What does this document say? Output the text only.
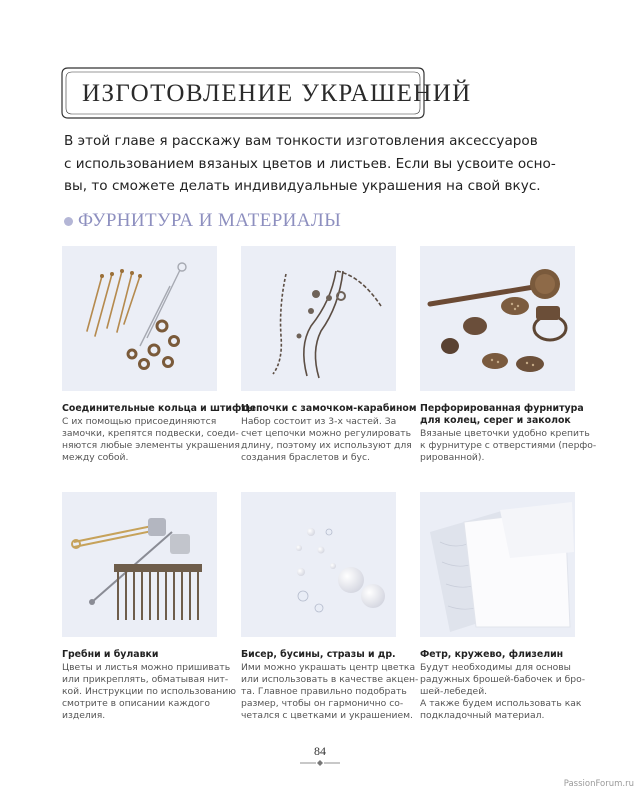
ИЗГОТОВЛЕНИЕ УКРАШЕНИЙ
В этой главе я расскажу вам тонкости изготовления аксессуаров
с использованием вязаных цветов и листьев. Если вы усвоите осно-
вы, то сможете делать индивидуальные украшения на свой вкус.
ФУРНИТУРА И МАТЕРИАЛЫ
Соединительные кольца и штифты
С их помощью присоединяются
замочки, крепятся подвески, соеди-
няются любые элементы украшения
между собой.
Цепочки с замочком-карабином
Набор состоит из 3-х частей. За
счет цепочки можно регулировать
длину, поэтому их используют для
создания браслетов и бус.
Перфорированная фурнитура
для колец, серег и заколок
Вязаные цветочки удобно крепить
к фурнитуре с отверстиями (перфо-
рированной).
Гребни и булавки
Цветы и листья можно пришивать
или прикреплять, обматывая нит-
кой. Инструкции по использованию
смотрите в описании каждого
изделия.
Бисер, бусины, стразы и др.
Ими можно украшать центр цветка
или использовать в качестве акцен-
та. Главное правильно подобрать
размер, чтобы он гармонично со-
четался с цветками и украшением.
Фетр, кружево, флизелин
Будут необходимы для основы
радужных брошей-бабочек и бро-
шей-лебедей.
А также будем использовать как
подкладочный материал.
84
PassionForum.ru
